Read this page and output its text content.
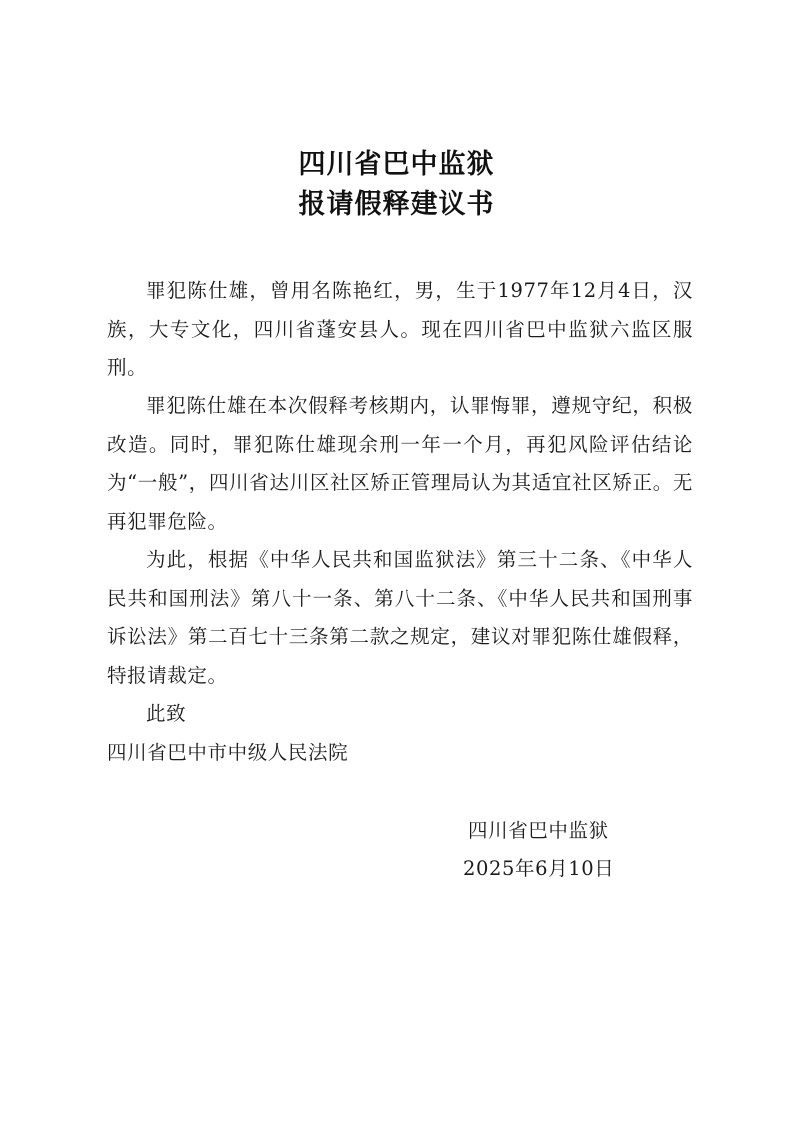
四川省巴中监狱
报请假释建议书

罪犯陈仕雄，曾用名陈艳红，男，生于1977年12月4日，汉族，大专文化，四川省蓬安县人。现在四川省巴中监狱六监区服刑。

罪犯陈仕雄在本次假释考核期内，认罪悔罪，遵规守纪，积极改造。同时，罪犯陈仕雄现余刑一年一个月，再犯风险评估结论为“一般”，四川省达川区社区矫正管理局认为其适宜社区矫正。无再犯罪危险。

为此，根据《中华人民共和国监狱法》第三十二条、《中华人民共和国刑法》第八十一条、第八十二条、《中华人民共和国刑事诉讼法》第二百七十三条第二款之规定，建议对罪犯陈仕雄假释，特报请裁定。

此致
四川省巴中市中级人民法院
四川省巴中监狱
2025年6月10日
